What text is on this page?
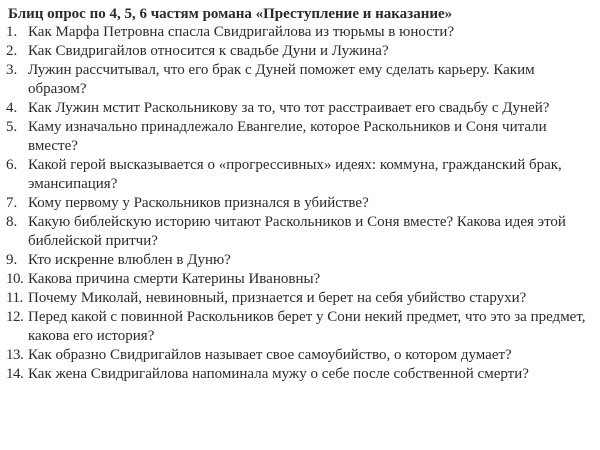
Блиц опрос по 4, 5, 6 частям романа «Преступление и наказание»
1. Как Марфа Петровна спасла Свидригайлова из тюрьмы в юности?
2. Как Свидригайлов относится к свадьбе Дуни и Лужина?
3. Лужин рассчитывал, что его брак с Дуней поможет ему сделать карьеру. Каким образом?
4. Как Лужин мстит Раскольникову за то, что тот расстраивает его свадьбу с Дуней?
5. Каму изначально принадлежало Евангелие, которое Раскольников и Соня читали вместе?
6. Какой герой высказывается о «прогрессивных» идеях: коммуна, гражданский брак, эмансипация?
7. Кому первому у Раскольников признался в убийстве?
8. Какую библейскую историю читают Раскольников и Соня вместе? Какова идея этой библейской притчи?
9. Кто искренне влюблен в Дуню?
10. Какова причина смерти Катерины Ивановны?
11. Почему Миколай, невиновный, признается и берет на себя убийство старухи?
12. Перед какой с повинной Раскольников берет у Сони некий предмет, что это за предмет, какова его история?
13. Как образно Свидригайлов называет свое самоубийство, о котором думает?
14. Как жена Свидригайлова напоминала мужу о себе после собственной смерти?
